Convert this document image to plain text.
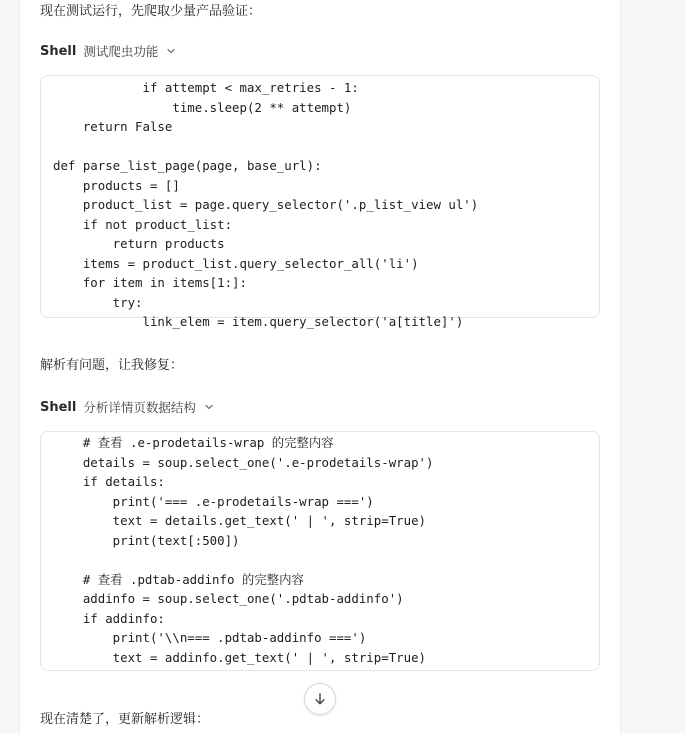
现在测试运行，先爬取少量产品验证：
Shell 测试爬虫功能
if attempt < max_retries - 1:
time.sleep(2 ** attempt)
return False
def parse_list_page(page, base_url):
products = []
product_list = page.query_selector('.p_list_view ul')
if not product_list:
return products
items = product_list.query_selector_all('li')
for item in items[1:]:
try:
link_elem = item.query_selector('a[title]')
解析有问题，让我修复：
Shell 分析详情页数据结构
# 查看 .e-prodetails-wrap 的完整内容
details = soup.select_one('.e-prodetails-wrap')
if details:
print('=== .e-prodetails-wrap ===')
text = details.get_text(' | ', strip=True)
print(text[:500])
# 查看 .pdtab-addinfo 的完整内容
addinfo = soup.select_one('.pdtab-addinfo')
if addinfo:
print('\\n=== .pdtab-addinfo ===')
text = addinfo.get_text(' | ', strip=True)
现在清楚了，更新解析逻辑：
